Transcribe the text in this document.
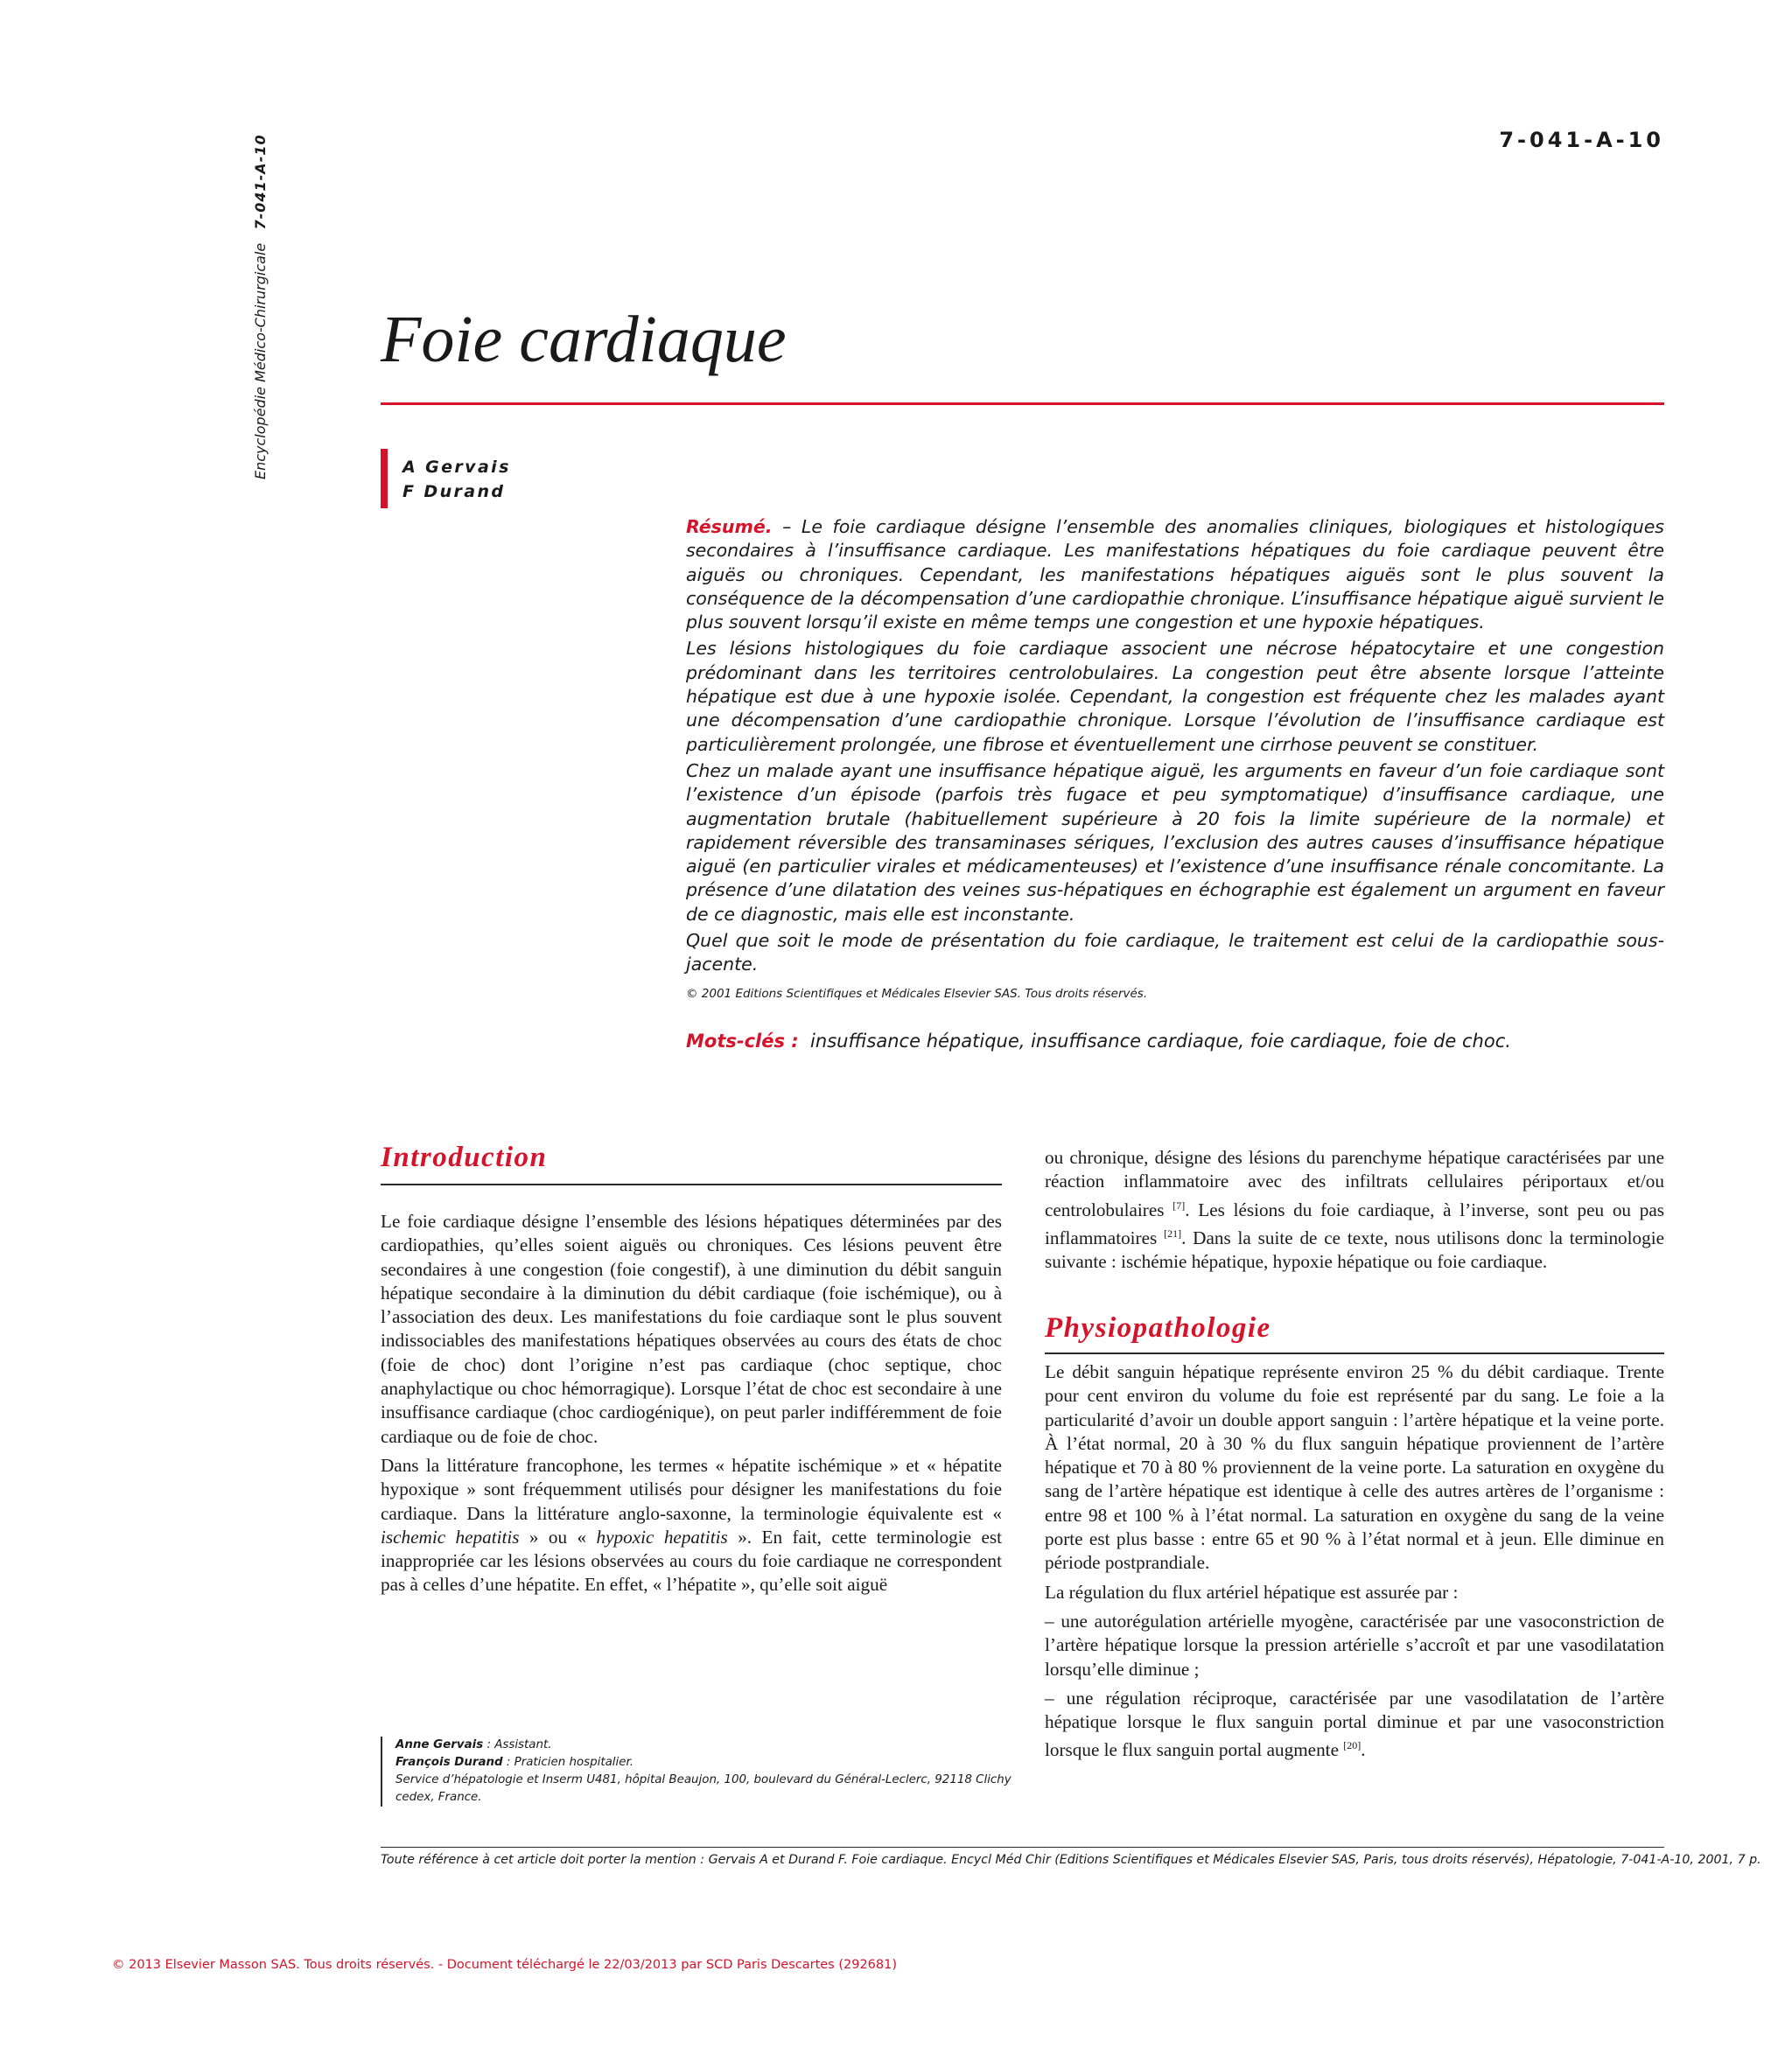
Encyclopédie Médico-Chirurgicale   7-041-A-10	7-041-A-10
Foie cardiaque
A Gervais
F Durand

Résumé. – Le foie cardiaque désigne l’ensemble des anomalies cliniques, biologiques et histologiques secondaires à l’insuffisance cardiaque. Les manifestations hépatiques du foie cardiaque peuvent être aiguës ou chroniques. Cependant, les manifestations hépatiques aiguës sont le plus souvent la conséquence de la décompensation d’une cardiopathie chronique. L’insuffisance hépatique aiguë survient le plus souvent lorsqu’il existe en même temps une congestion et une hypoxie hépatiques.

Les lésions histologiques du foie cardiaque associent une nécrose hépatocytaire et une congestion prédominant dans les territoires centrolobulaires. La congestion peut être absente lorsque l’atteinte hépatique est due à une hypoxie isolée. Cependant, la congestion est fréquente chez les malades ayant une décompensation d’une cardiopathie chronique. Lorsque l’évolution de l’insuffisance cardiaque est particulièrement prolongée, une fibrose et éventuellement une cirrhose peuvent se constituer.

Chez un malade ayant une insuffisance hépatique aiguë, les arguments en faveur d’un foie cardiaque sont l’existence d’un épisode (parfois très fugace et peu symptomatique) d’insuffisance cardiaque, une augmentation brutale (habituellement supérieure à 20 fois la limite supérieure de la normale) et rapidement réversible des transaminases sériques, l’exclusion des autres causes d’insuffisance hépatique aiguë (en particulier virales et médicamenteuses) et l’existence d’une insuffisance rénale concomitante. La présence d’une dilatation des veines sus-hépatiques en échographie est également un argument en faveur de ce diagnostic, mais elle est inconstante.

Quel que soit le mode de présentation du foie cardiaque, le traitement est celui de la cardiopathie sous-jacente.

© 2001 Editions Scientifiques et Médicales Elsevier SAS. Tous droits réservés.

Mots-clés : insuffisance hépatique, insuffisance cardiaque, foie cardiaque, foie de choc.
Introduction

Le foie cardiaque désigne l’ensemble des lésions hépatiques déterminées par des cardiopathies, qu’elles soient aiguës ou chroniques. Ces lésions peuvent être secondaires à une congestion (foie congestif), à une diminution du débit sanguin hépatique secondaire à la diminution du débit cardiaque (foie ischémique), ou à l’association des deux. Les manifestations du foie cardiaque sont le plus souvent indissociables des manifestations hépatiques observées au cours des états de choc (foie de choc) dont l’origine n’est pas cardiaque (choc septique, choc anaphylactique ou choc hémorragique). Lorsque l’état de choc est secondaire à une insuffisance cardiaque (choc cardiogénique), on peut parler indifféremment de foie cardiaque ou de foie de choc.

Dans la littérature francophone, les termes « hépatite ischémique » et « hépatite hypoxique » sont fréquemment utilisés pour désigner les manifestations du foie cardiaque. Dans la littérature anglo-saxonne, la terminologie équivalente est « ischemic hepatitis » ou « hypoxic hepatitis ». En fait, cette terminologie est inappropriée car les lésions observées au cours du foie cardiaque ne correspondent pas à celles d’une hépatite. En effet, « l’hépatite », qu’elle soit aiguë

Anne Gervais : Assistant.
François Durand : Praticien hospitalier.
Service d’hépatologie et Inserm U481, hôpital Beaujon, 100, boulevard du Général-Leclerc, 92118 Clichy cedex, France.

ou chronique, désigne des lésions du parenchyme hépatique caractérisées par une réaction inflammatoire avec des infiltrats cellulaires périportaux et/ou centrolobulaires [7]. Les lésions du foie cardiaque, à l’inverse, sont peu ou pas inflammatoires [21]. Dans la suite de ce texte, nous utilisons donc la terminologie suivante : ischémie hépatique, hypoxie hépatique ou foie cardiaque.

Physiopathologie

Le débit sanguin hépatique représente environ 25 % du débit cardiaque. Trente pour cent environ du volume du foie est représenté par du sang. Le foie a la particularité d’avoir un double apport sanguin : l’artère hépatique et la veine porte. À l’état normal, 20 à 30 % du flux sanguin hépatique proviennent de l’artère hépatique et 70 à 80 % proviennent de la veine porte. La saturation en oxygène du sang de l’artère hépatique est identique à celle des autres artères de l’organisme : entre 98 et 100 % à l’état normal. La saturation en oxygène du sang de la veine porte est plus basse : entre 65 et 90 % à l’état normal et à jeun. Elle diminue en période postprandiale.

La régulation du flux artériel hépatique est assurée par :

– une autorégulation artérielle myogène, caractérisée par une vasoconstriction de l’artère hépatique lorsque la pression artérielle s’accroît et par une vasodilatation lorsqu’elle diminue ;

– une régulation réciproque, caractérisée par une vasodilatation de l’artère hépatique lorsque le flux sanguin portal diminue et par une vasoconstriction lorsque le flux sanguin portal augmente [20].

Toute référence à cet article doit porter la mention : Gervais A et Durand F. Foie cardiaque. Encycl Méd Chir (Editions Scientifiques et Médicales Elsevier SAS, Paris, tous droits réservés), Hépatologie, 7-041-A-10, 2001, 7 p.
© 2013 Elsevier Masson SAS. Tous droits réservés. - Document téléchargé le 22/03/2013 par SCD Paris Descartes (292681)
